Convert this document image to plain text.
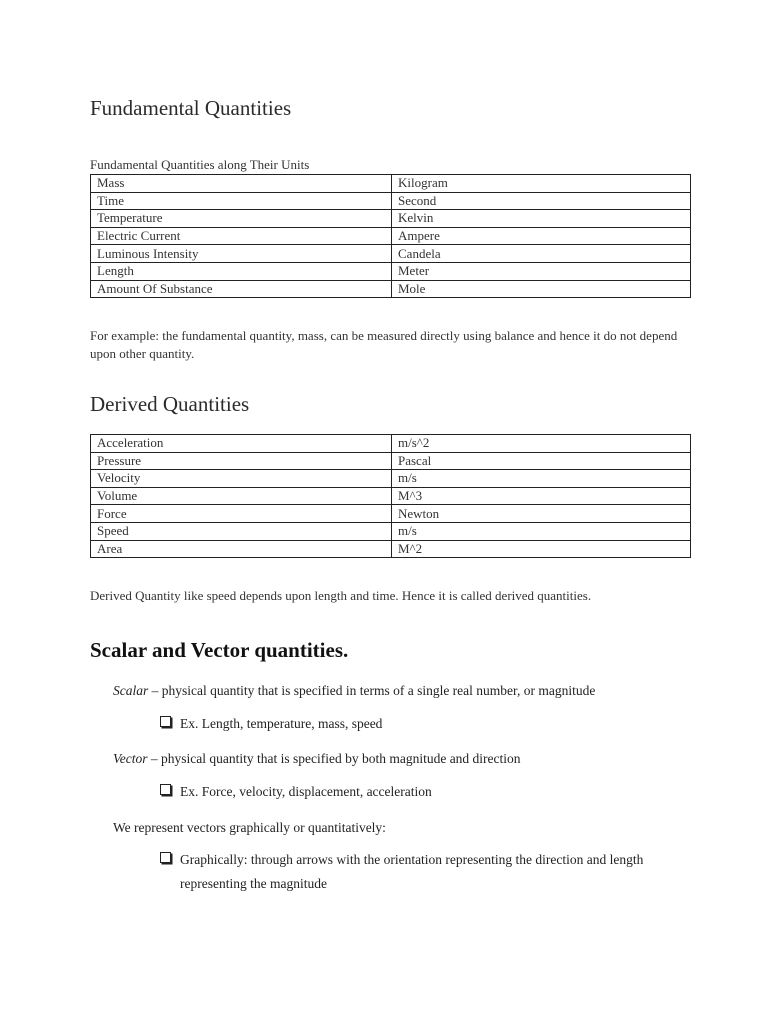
Fundamental Quantities
Fundamental Quantities along Their Units
Mass	Kilogram
Time	Second
Temperature	Kelvin
Electric Current	Ampere
Luminous Intensity	Candela
Length	Meter
Amount Of Substance	Mole
For example: the fundamental quantity, mass, can be measured directly using balance and hence it do not depend upon other quantity.
Derived Quantities
Acceleration	m/s^2
Pressure	Pascal
Velocity	m/s
Volume	M^3
Force	Newton
Speed	m/s
Area	M^2
Derived Quantity like speed depends upon length and time. Hence it is called derived quantities.
Scalar and Vector quantities.
Scalar – physical quantity that is specified in terms of a single real number, or magnitude
Ex. Length, temperature, mass, speed
Vector – physical quantity that is specified by both magnitude and direction
Ex. Force, velocity, displacement, acceleration
We represent vectors graphically or quantitatively:
Graphically: through arrows with the orientation representing the direction and length representing the magnitude
